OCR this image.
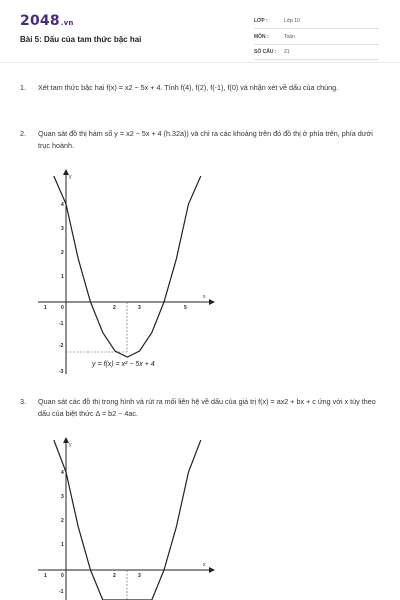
2048.vn
Bài 5: Dấu của tam thức bậc hai
LỚP :	Lớp 10
MÔN :	Toán
SỐ CÂU : 21
1. Xét tam thức bậc hai f(x) = x2 − 5x + 4. Tính f(4), f(2), f(-1), f(0) và nhận xét về dấu của chúng.
2. Quan sát đồ thị hàm số y = x2 − 5x + 4 (h.32a)) và chỉ ra các khoảng trên đó đồ thị ở phía trên, phía dưới trục hoành.
y
x
1	0	2	3	5
4
3
2
1
-1
-2
-3
y = f(x) = x² − 5x + 4
3. Quan sát các đồ thị trong hình và rút ra mối liên hệ về dấu của giá trị f(x) = ax2 + bx + c ứng với x tùy theo dấu của biệt thức Δ = b2 − 4ac.
y
x
1	0	2	3
4
3
2
1
-1
